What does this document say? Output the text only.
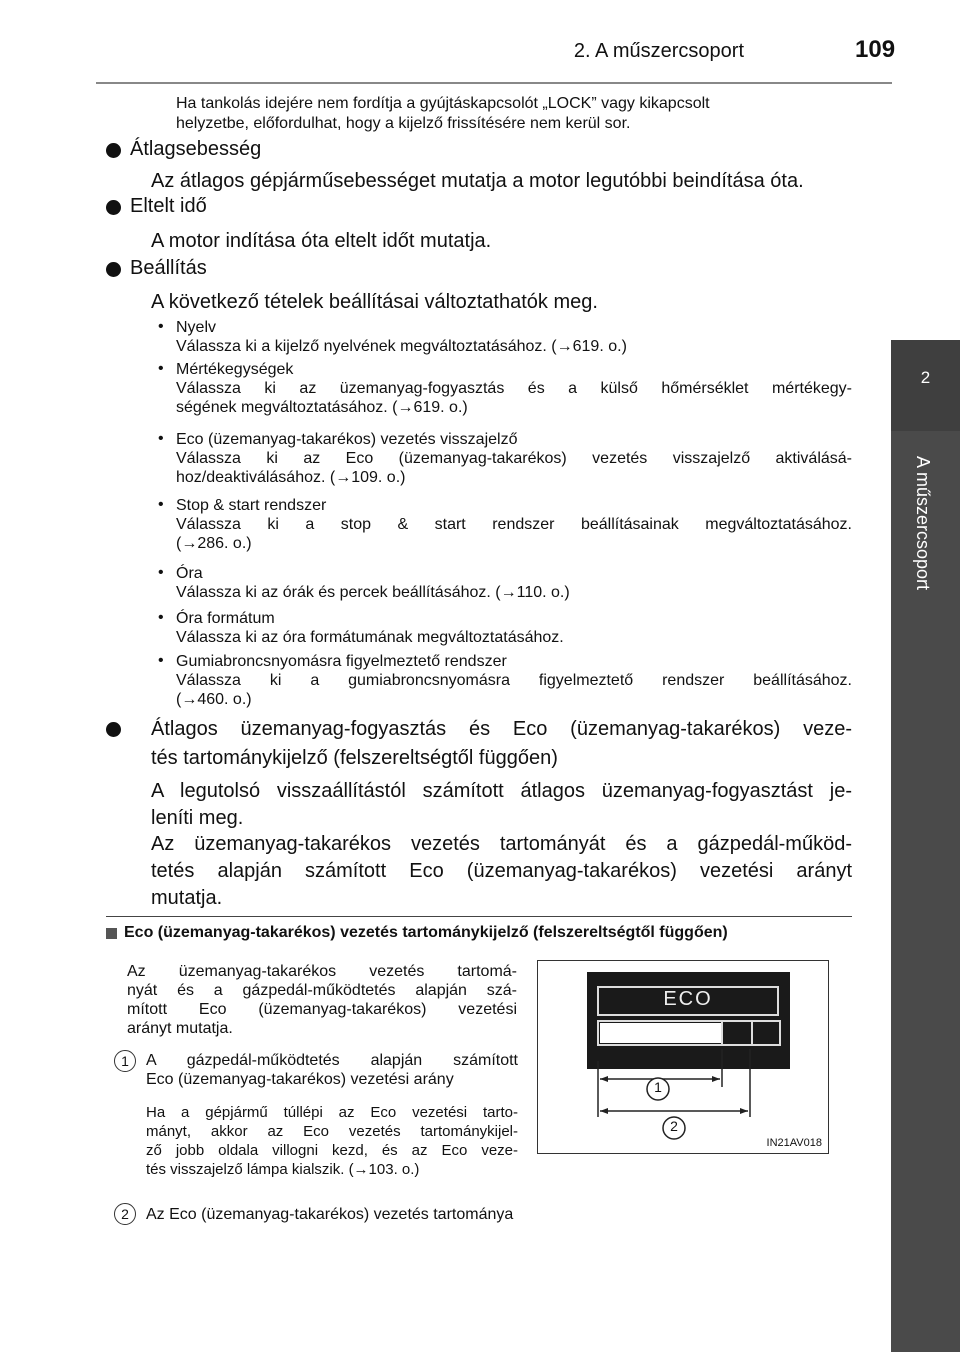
2. A műszercsoport	109
2
A műszercsoport
Ha tankolás idejére nem fordítja a gyújtáskapcsolót „LOCK” vagy kikapcsolt
helyzetbe, előfordulhat, hogy a kijelző frissítésére nem kerül sor.
Átlagsebesség
Az átlagos gépjárműsebességet mutatja a motor legutóbbi beindítása óta.
Eltelt idő
A motor indítása óta eltelt időt mutatja.
Beállítás
A következő tételek beállításai változtathatók meg.
• Nyelv
Válassza ki a kijelző nyelvének megváltoztatásához. (→619. o.)
• Mértékegységek
Válassza ki az üzemanyag-fogyasztás és a külső hőmérséklet mértékegy-
ségének megváltoztatásához. (→619. o.)
• Eco (üzemanyag-takarékos) vezetés visszajelző
Válassza ki az Eco (üzemanyag-takarékos) vezetés visszajelző aktiválásá-
hoz/deaktiválásához. (→109. o.)
• Stop & start rendszer
Válassza ki a stop & start rendszer beállításainak megváltoztatásához.
(→286. o.)
• Óra
Válassza ki az órák és percek beállításához. (→110. o.)
• Óra formátum
Válassza ki az óra formátumának megváltoztatásához.
• Gumiabroncsnyomásra figyelmeztető rendszer
Válassza ki a gumiabroncsnyomásra figyelmeztető rendszer beállításához.
(→460. o.)
Átlagos üzemanyag-fogyasztás és Eco (üzemanyag-takarékos) veze-
tés tartománykijelző (felszereltségtől függően)
A legutolsó visszaállítástól számított átlagos üzemanyag-fogyasztást je-
leníti meg.
Az üzemanyag-takarékos vezetés tartományát és a gázpedál-működ-
tetés alapján számított Eco (üzemanyag-takarékos) vezetési arányt
mutatja.
Eco (üzemanyag-takarékos) vezetés tartománykijelző (felszereltségtől függően)
Az üzemanyag-takarékos vezetés tartomá-
nyát és a gázpedál-működtetés alapján szá-
mított Eco (üzemanyag-takarékos) vezetési
arányt mutatja.
1	A gázpedál-működtetés alapján számított
Eco (üzemanyag-takarékos) vezetési arány
Ha a gépjármű túllépi az Eco vezetési tarto-
mányt, akkor az Eco vezetés tartománykijel-
ző jobb oldala villogni kezd, és az Eco veze-
tés visszajelző lámpa kialszik. (→103. o.)
2	Az Eco (üzemanyag-takarékos) vezetés tartománya
ECO
1
2
IN21AV018
